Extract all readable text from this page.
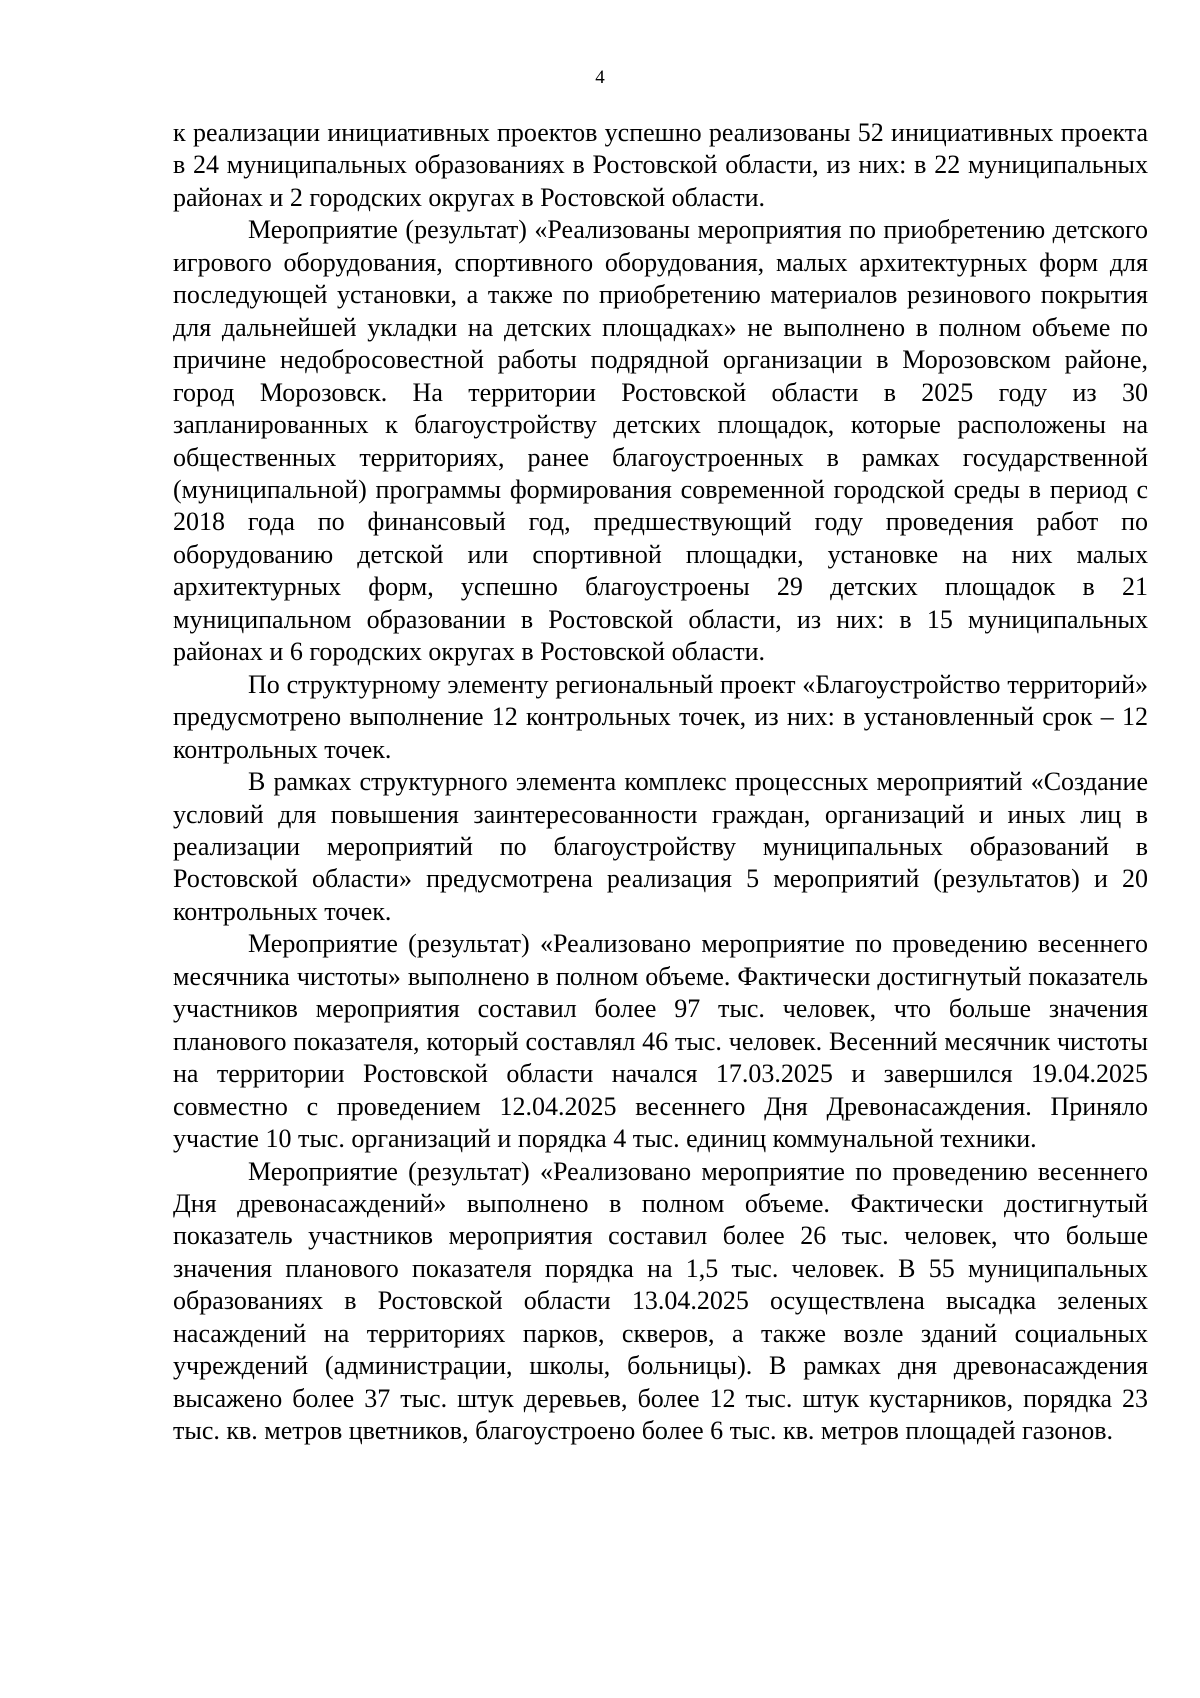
4

к реализации инициативных проектов успешно реализованы 52 инициативных проекта в 24 муниципальных образованиях в Ростовской области, из них: в 22 муниципальных районах и 2 городских округах в Ростовской области.

Мероприятие (результат) «Реализованы мероприятия по приобретению детского игрового оборудования, спортивного оборудования, малых архитектурных форм для последующей установки, а также по приобретению материалов резинового покрытия для дальнейшей укладки на детских площадках» не выполнено в полном объеме по причине недобросовестной работы подрядной организации в Морозовском районе, город Морозовск. На территории Ростовской области в 2025 году из 30 запланированных к благоустройству детских площадок, которые расположены на общественных территориях, ранее благоустроенных в рамках государственной (муниципальной) программы формирования современной городской среды в период с 2018 года по финансовый год, предшествующий году проведения работ по оборудованию детской или спортивной площадки, установке на них малых архитектурных форм, успешно благоустроены 29 детских площадок в 21 муниципальном образовании в Ростовской области, из них: в 15 муниципальных районах и 6 городских округах в Ростовской области.

По структурному элементу региональный проект «Благоустройство территорий» предусмотрено выполнение 12 контрольных точек, из них: в установленный срок – 12 контрольных точек.

В рамках структурного элемента комплекс процессных мероприятий «Создание условий для повышения заинтересованности граждан, организаций и иных лиц в реализации мероприятий по благоустройству муниципальных образований в Ростовской области» предусмотрена реализация 5 мероприятий (результатов) и 20 контрольных точек.

Мероприятие (результат) «Реализовано мероприятие по проведению весеннего месячника чистоты» выполнено в полном объеме. Фактически достигнутый показатель участников мероприятия составил более 97 тыс. человек, что больше значения планового показателя, который составлял 46 тыс. человек. Весенний месячник чистоты на территории Ростовской области начался 17.03.2025 и завершился 19.04.2025 совместно с проведением 12.04.2025 весеннего Дня Древонасаждения. Приняло участие 10 тыс. организаций и порядка 4 тыс. единиц коммунальной техники.

Мероприятие (результат) «Реализовано мероприятие по проведению весеннего Дня древонасаждений» выполнено в полном объеме. Фактически достигнутый показатель участников мероприятия составил более 26 тыс. человек, что больше значения планового показателя порядка на 1,5 тыс. человек. В 55 муниципальных образованиях в Ростовской области 13.04.2025 осуществлена высадка зеленых насаждений на территориях парков, скверов, а также возле зданий социальных учреждений (администрации, школы, больницы). В рамках дня древонасаждения высажено более 37 тыс. штук деревьев, более 12 тыс. штук кустарников, порядка 23 тыс. кв. метров цветников, благоустроено более 6 тыс. кв. метров площадей газонов.
